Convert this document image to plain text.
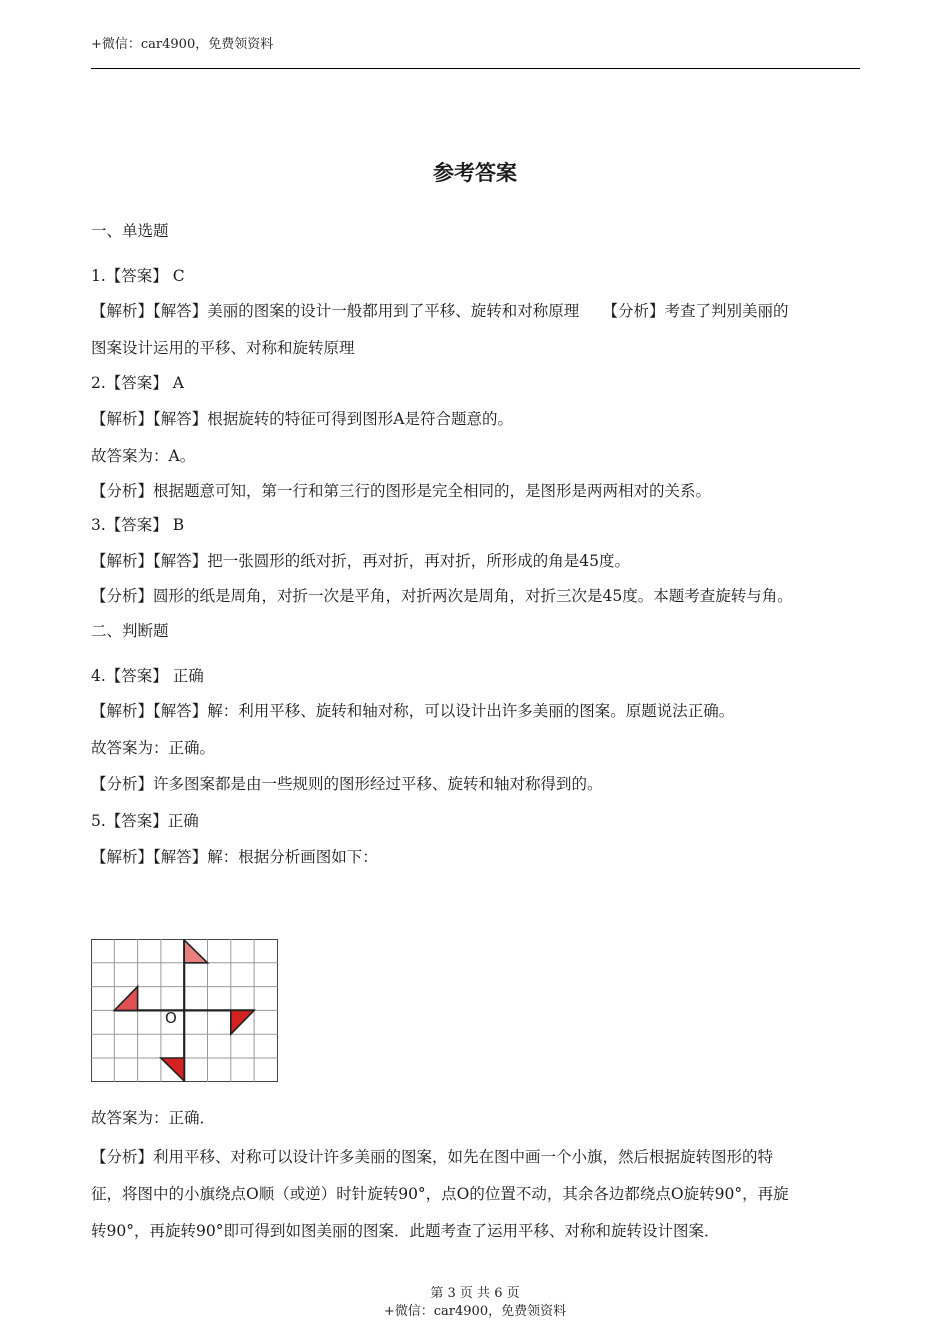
+微信：car4900，免费领资料
参考答案
一、单选题
1.【答案】 C
【解析】【解答】美丽的图案的设计一般都用到了平移、旋转和对称原理　　【分析】考查了判别美丽的
图案设计运用的平移、对称和旋转原理
2.【答案】 A
【解析】【解答】根据旋转的特征可得到图形A是符合题意的。
故答案为：A。
【分析】根据题意可知，第一行和第三行的图形是完全相同的，是图形是两两相对的关系。
3.【答案】 B
【解析】【解答】把一张圆形的纸对折，再对折，再对折，所形成的角是45度。
【分析】圆形的纸是周角，对折一次是平角，对折两次是周角，对折三次是45度。本题考查旋转与角。
二、判断题
4.【答案】 正确
【解析】【解答】解：利用平移、旋转和轴对称，可以设计出许多美丽的图案。原题说法正确。
故答案为：正确。
【分析】许多图案都是由一些规则的图形经过平移、旋转和轴对称得到的。
5.【答案】正确
【解析】【解答】解：根据分析画图如下：
O
故答案为：正确．
【分析】利用平移、对称可以设计许多美丽的图案，如先在图中画一个小旗，然后根据旋转图形的特
征，将图中的小旗绕点O顺（或逆）时针旋转90°，点O的位置不动，其余各边都绕点O旋转90°，再旋
转90°，再旋转90°即可得到如图美丽的图案．此题考查了运用平移、对称和旋转设计图案．
第 3 页 共 6 页
+微信：car4900，免费领资料
